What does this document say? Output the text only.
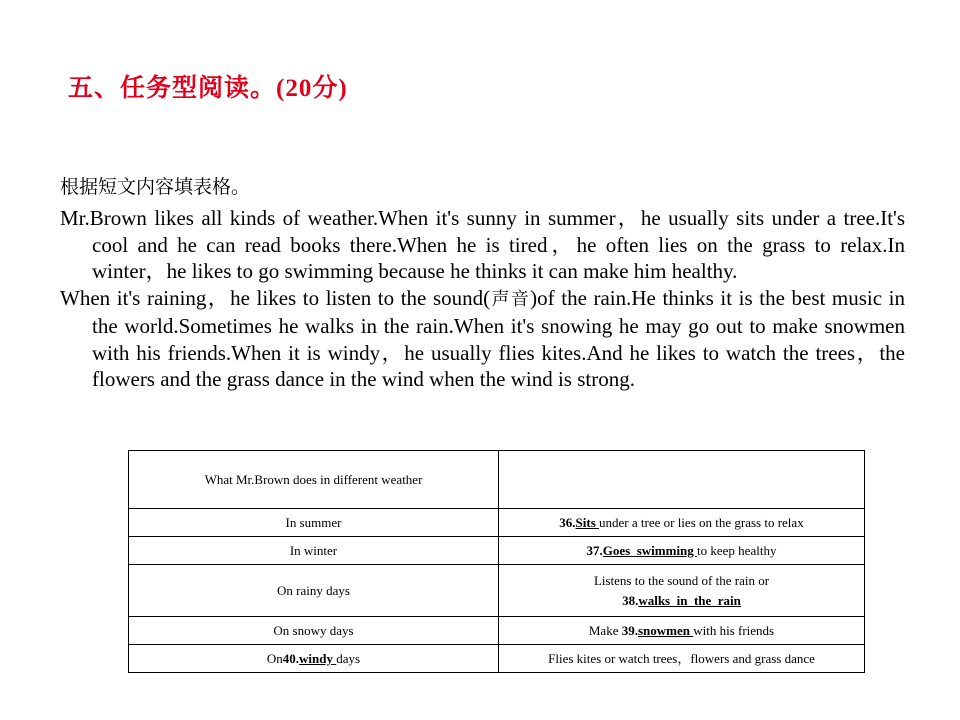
五、任务型阅读。(20分)
根据短文内容填表格。

Mr.Brown likes all kinds of weather.When it's sunny in summer，he usually sits under a tree.It's cool and he can read books there.When he is tired，he often lies on the grass to relax.In winter，he likes to go swimming because he thinks it can make him healthy.

When it's raining，he likes to listen to the sound(声音)of the rain.He thinks it is the best music in the world.Sometimes he walks in the rain.When it's snowing he may go out to make snowmen with his friends.When it is windy，he usually flies kites.And he likes to watch the trees，the flowers and the grass dance in the wind when the wind is strong.

What Mr.Brown does in different weather	
In summer	36.Sits under a tree or lies on the grass to relax
In winter	37.Goes  swimming to keep healthy
On rainy days	Listens to the sound of the rain or
38.walks  in  the  rain
On snowy days	Make 39.snowmen with his friends
On40.windy days	Flies kites or watch trees，flowers and grass dance
